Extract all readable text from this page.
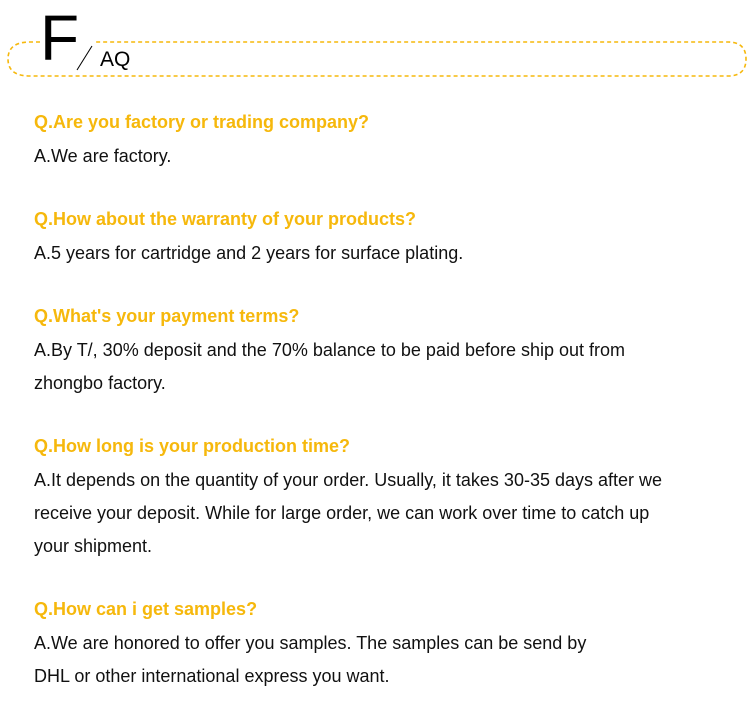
F AQ

Q.Are you factory or trading company?

A.We are factory.

Q.How about the warranty of your products?

A.5 years for cartridge and 2 years for surface plating.

Q.What's your payment terms?

A.By T/, 30% deposit and the 70% balance to be paid before ship out from zhongbo factory.

Q.How long is your production time?

A.It depends on the quantity of your order. Usually, it takes 30-35 days after we receive your deposit. While for large order, we can work over time to catch up your shipment.

Q.How can i get samples?

A.We are honored to offer you samples. The samples can be send by DHL or other international express you want.
